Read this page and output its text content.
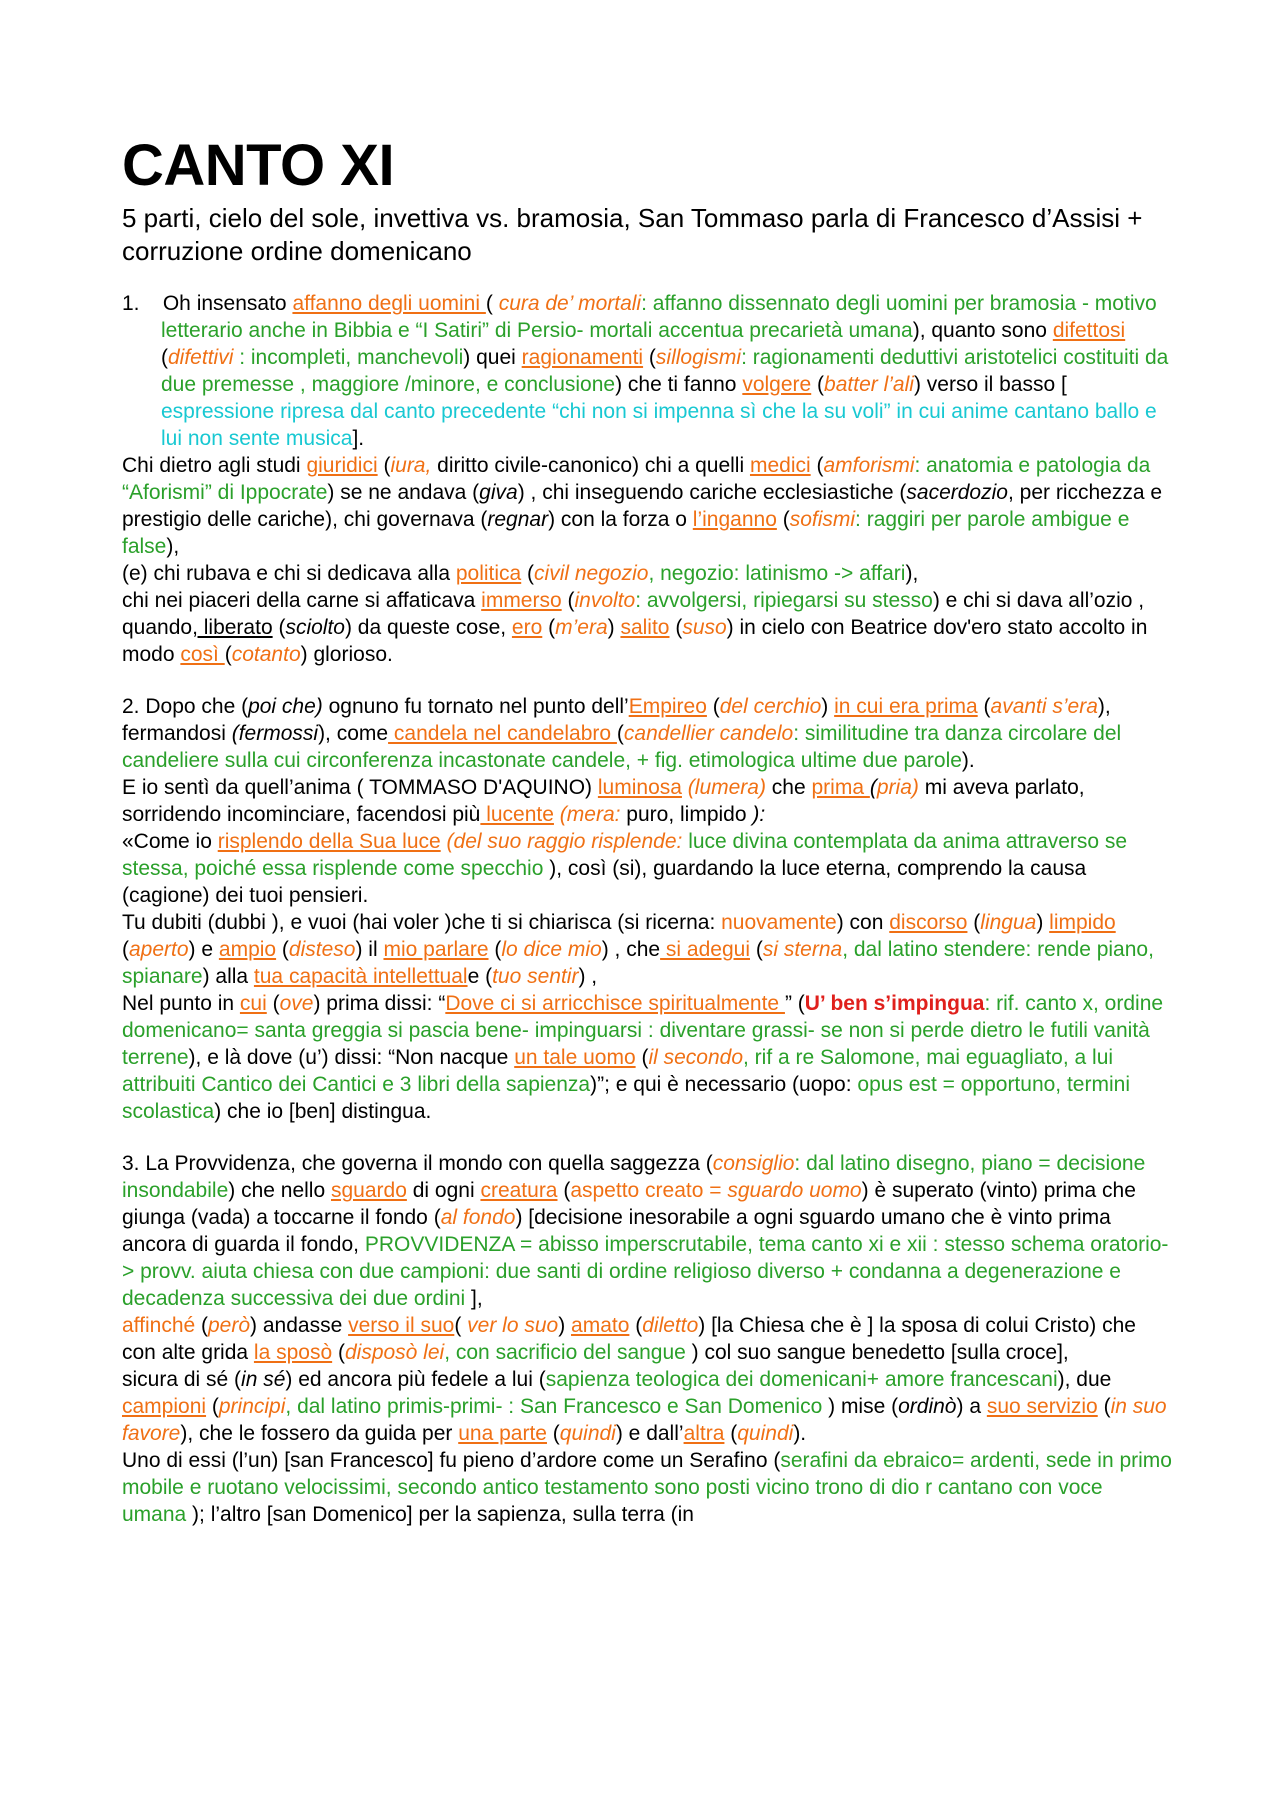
CANTO XI
5 parti, cielo del sole, invettiva vs. bramosia, San Tommaso parla di Francesco d’Assisi + corruzione ordine domenicano

1.    Oh insensato affanno degli uomini ( cura de’ mortali: affanno dissennato degli uomini per bramosia - motivo letterario anche in Bibbia e “I Satiri” di Persio- mortali accentua precarietà umana), quanto sono difettosi (difettivi : incompleti, manchevoli) quei ragionamenti (sillogismi: ragionamenti deduttivi aristotelici costituiti da due premesse , maggiore /minore, e conclusione) che ti fanno volgere (batter l’ali) verso il basso [ espressione ripresa dal canto precedente “chi non si impenna sì che la su voli” in cui anime cantano ballo e lui non sente musica].

Chi dietro agli studi giuridici (iura, diritto civile-canonico) chi a quelli medici (amforismi: anatomia e patologia da “Aforismi” di Ippocrate) se ne andava (giva) , chi inseguendo cariche ecclesiastiche (sacerdozio, per ricchezza e prestigio delle cariche), chi governava (regnar) con la forza o l’inganno (sofismi: raggiri per parole ambigue e false),

(e) chi rubava e chi si dedicava alla politica (civil negozio, negozio: latinismo -> affari),

chi nei piaceri della carne si affaticava immerso (involto: avvolgersi, ripiegarsi su stesso) e chi si dava all’ozio , quando, liberato (sciolto) da queste cose, ero (m’era) salito (suso) in cielo con Beatrice dov'ero stato accolto in modo così (cotanto) glorioso.

2. Dopo che (poi che) ognuno fu tornato nel punto dell’Empireo (del cerchio) in cui era prima (avanti s’era), fermandosi (fermossi), come candela nel candelabro (candellier candelo: similitudine tra danza circolare del candeliere sulla cui circonferenza incastonate candele, + fig. etimologica ultime due parole).

E io sentì da quell’anima ( TOMMASO D'AQUINO) luminosa (lumera) che prima (pria) mi aveva parlato, sorridendo incominciare, facendosi più lucente (mera: puro, limpido ):

«Come io risplendo della Sua luce (del suo raggio risplende: luce divina contemplata da anima attraverso se stessa, poiché essa risplende come specchio ), così (si), guardando la luce eterna, comprendo la causa (cagione) dei tuoi pensieri.

Tu dubiti (dubbi ), e vuoi (hai voler )che ti si chiarisca (si ricerna: nuovamente) con discorso (lingua) limpido (aperto) e ampio (disteso) il mio parlare (lo dice mio) , che si adegui (si sterna, dal latino stendere: rende piano, spianare) alla tua capacità intellettuale (tuo sentir) ,

Nel punto in cui (ove) prima dissi: “Dove ci si arricchisce spiritualmente ” (U’ ben s’impingua: rif. canto x, ordine domenicano= santa greggia si pascia bene- impinguarsi : diventare grassi- se non si perde dietro le futili vanità terrene), e là dove (u’) dissi: “Non nacque un tale uomo (il secondo, rif a re Salomone, mai eguagliato, a lui attribuiti Cantico dei Cantici e 3 libri della sapienza)”; e qui è necessario (uopo: opus est = opportuno, termini scolastica) che io [ben] distingua.

3. La Provvidenza, che governa il mondo con quella saggezza (consiglio: dal latino disegno, piano = decisione insondabile) che nello sguardo di ogni creatura (aspetto creato = sguardo uomo) è superato (vinto) prima che giunga (vada) a toccarne il fondo (al fondo) [decisione inesorabile a ogni sguardo umano che è vinto prima ancora di guarda il fondo, PROVVIDENZA = abisso imperscrutabile, tema canto xi e xii : stesso schema oratorio-> provv. aiuta chiesa con due campioni: due santi di ordine religioso diverso + condanna a degenerazione e decadenza successiva dei due ordini ],

affinché (però) andasse verso il suo( ver lo suo) amato (diletto) [la Chiesa che è ] la sposa di colui Cristo) che con alte grida la sposò (disposò lei, con sacrificio del sangue ) col suo sangue benedetto [sulla croce],

sicura di sé (in sé) ed ancora più fedele a lui (sapienza teologica dei domenicani+ amore francescani), due campioni (principi, dal latino primis-primi- : San Francesco e San Domenico ) mise (ordinò) a suo servizio (in suo favore), che le fossero da guida per una parte (quindi) e dall’altra (quindi).

Uno di essi (l’un) [san Francesco] fu pieno d’ardore come un Serafino (serafini da ebraico= ardenti, sede in primo mobile e ruotano velocissimi, secondo antico testamento sono posti vicino trono di dio r cantano con voce umana ); l’altro [san Domenico] per la sapienza, sulla terra (in
